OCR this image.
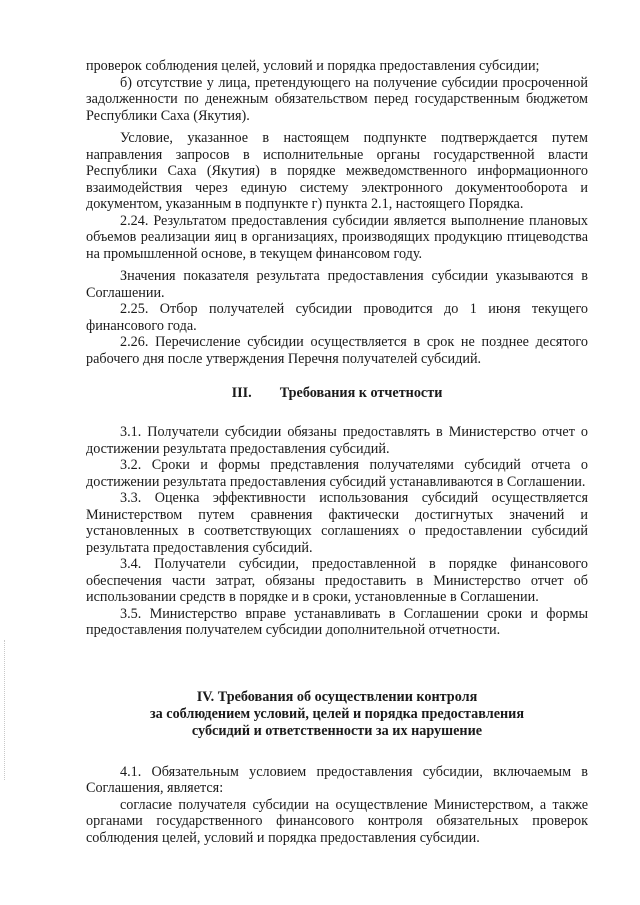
проверок соблюдения целей, условий и порядка предоставления субсидии;

б) отсутствие у лица, претендующего на получение субсидии просроченной задолженности по денежным обязательством перед государственным бюджетом Республики Саха (Якутия).

Условие, указанное в настоящем подпункте подтверждается путем направления запросов в исполнительные органы государственной власти Республики Саха (Якутия) в порядке межведомственного информационного взаимодействия через единую систему электронного документооборота и документом, указанным в подпункте г) пункта 2.1, настоящего Порядка.

2.24. Результатом предоставления субсидии является выполнение плановых объемов реализации яиц в организациях, производящих продукцию птицеводства на промышленной основе, в текущем финансовом году.

Значения показателя результата предоставления субсидии указываются в Соглашении.

2.25. Отбор получателей субсидии проводится до 1 июня текущего финансового года.

2.26. Перечисление субсидии осуществляется в срок не позднее десятого рабочего дня после утверждения Перечня получателей субсидий.

III. Требования к отчетности

3.1. Получатели субсидии обязаны предоставлять в Министерство отчет о достижении результата предоставления субсидий.

3.2. Сроки и формы представления получателями субсидий отчета о достижении результата предоставления субсидий устанавливаются в Соглашении.

3.3. Оценка эффективности использования субсидий осуществляется Министерством путем сравнения фактически достигнутых значений и установленных в соответствующих соглашениях о предоставлении субсидий результата предоставления субсидий.

3.4. Получатели субсидии, предоставленной в порядке финансового обеспечения части затрат, обязаны предоставить в Министерство отчет об использовании средств в порядке и в сроки, установленные в Соглашении.

3.5. Министерство вправе устанавливать в Соглашении сроки и формы предоставления получателем субсидии дополнительной отчетности.

IV. Требования об осуществлении контроля
за соблюдением условий, целей и порядка предоставления
субсидий и ответственности за их нарушение

4.1. Обязательным условием предоставления субсидии, включаемым в Соглашения, является:

согласие получателя субсидии на осуществление Министерством, а также органами государственного финансового контроля обязательных проверок соблюдения целей, условий и порядка предоставления субсидии.
